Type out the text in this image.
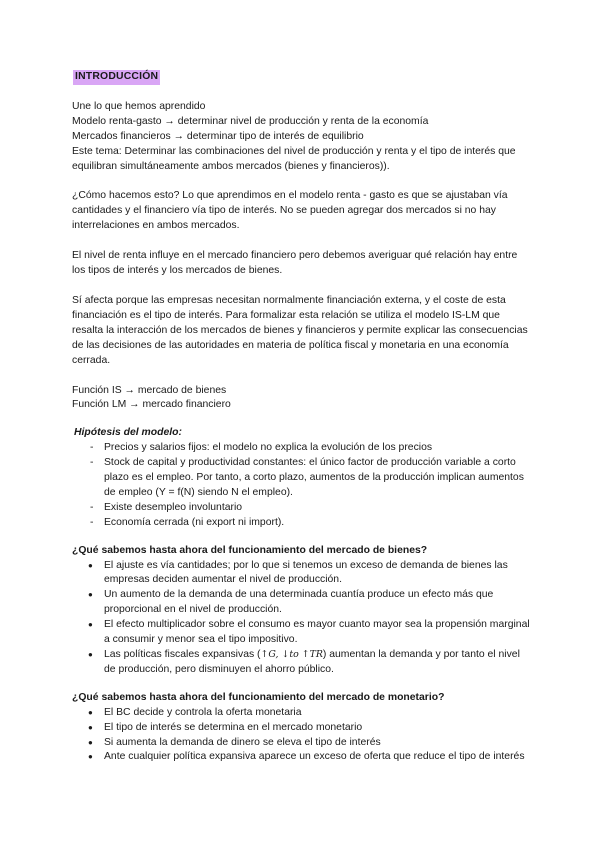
INTRODUCCIÓN

Une lo que hemos aprendido

Modelo renta-gasto → determinar nivel de producción y renta de la economía

Mercados financieros → determinar tipo de interés de equilibrio

Este tema: Determinar las combinaciones del nivel de producción y renta y el tipo de interés que equilibran simultáneamente ambos mercados (bienes y financieros)).

¿Cómo hacemos esto? Lo que aprendimos en el modelo renta - gasto es que se ajustaban vía cantidades y el financiero vía tipo de interés. No se pueden agregar dos mercados si no hay interrelaciones en ambos mercados.

El nivel de renta influye en el mercado financiero pero debemos averiguar qué relación hay entre los tipos de interés y los mercados de bienes.

Sí afecta porque las empresas necesitan normalmente financiación externa, y el coste de esta financiación es el tipo de interés. Para formalizar esta relación se utiliza el modelo IS-LM que resalta la interacción de los mercados de bienes y financieros y permite explicar las consecuencias de las decisiones de las autoridades en materia de política fiscal y monetaria en una economía cerrada.

Función IS → mercado de bienes

Función LM → mercado financiero

Hipótesis del modelo:

- Precios y salarios fijos: el modelo no explica la evolución de los precios
- Stock de capital y productividad constantes: el único factor de producción variable a corto plazo es el empleo. Por tanto, a corto plazo, aumentos de la producción implican aumentos de empleo (Y = f(N) siendo N el empleo).
- Existe desempleo involuntario
- Economía cerrada (ni export ni import).

¿Qué sabemos hasta ahora del funcionamiento del mercado de bienes?

● El ajuste es vía cantidades; por lo que si tenemos un exceso de demanda de bienes las empresas deciden aumentar el nivel de producción.
● Un aumento de la demanda de una determinada cuantía produce un efecto más que proporcional en el nivel de producción.
● El efecto multiplicador sobre el consumo es mayor cuanto mayor sea la propensión marginal a consumir y menor sea el tipo impositivo.
● Las políticas fiscales expansivas (↑G, ↓to ↑TR) aumentan la demanda y por tanto el nivel de producción, pero disminuyen el ahorro público.

¿Qué sabemos hasta ahora del funcionamiento del mercado de monetario?

● El BC decide y controla la oferta monetaria
● El tipo de interés se determina en el mercado monetario
● Si aumenta la demanda de dinero se eleva el tipo de interés
● Ante cualquier política expansiva aparece un exceso de oferta que reduce el tipo de interés
